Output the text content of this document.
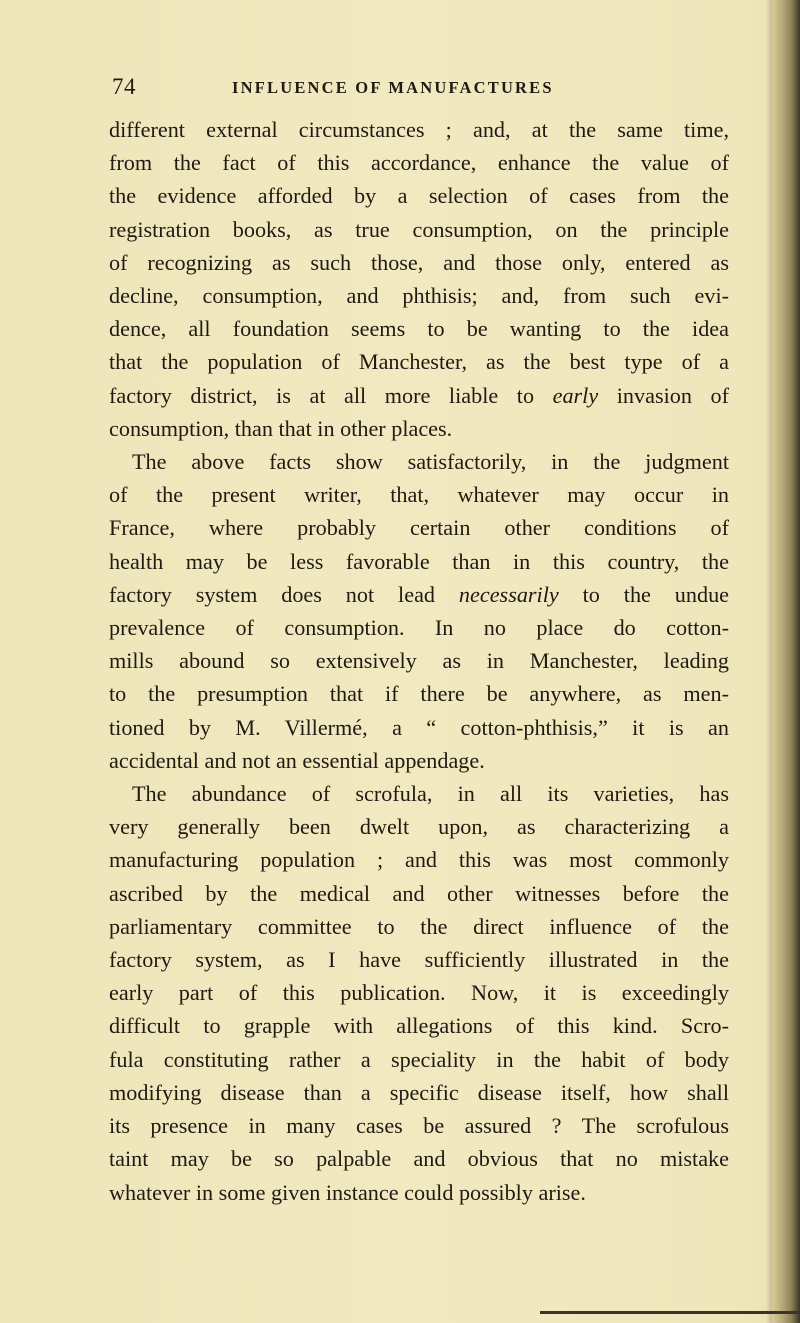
74	INFLUENCE OF MANUFACTURES
different external circumstances ; and, at the same time,
from the fact of this accordance, enhance the value of
the evidence afforded by a selection of cases from the
registration books, as true consumption, on the principle
of recognizing as such those, and those only, entered as
decline, consumption, and phthisis; and, from such evi-
dence, all foundation seems to be wanting to the idea
that the population of Manchester, as the best type of a
factory district, is at all more liable to early invasion of
consumption, than that in other places.
The above facts show satisfactorily, in the judgment
of the present writer, that, whatever may occur in
France, where probably certain other conditions of
health may be less favorable than in this country, the
factory system does not lead necessarily to the undue
prevalence of consumption. In no place do cotton-
mills abound so extensively as in Manchester, leading
to the presumption that if there be anywhere, as men-
tioned by M. Villermé, a “ cotton-phthisis,” it is an
accidental and not an essential appendage.
The abundance of scrofula, in all its varieties, has
very generally been dwelt upon, as characterizing a
manufacturing population ; and this was most commonly
ascribed by the medical and other witnesses before the
parliamentary committee to the direct influence of the
factory system, as I have sufficiently illustrated in the
early part of this publication. Now, it is exceedingly
difficult to grapple with allegations of this kind. Scro-
fula constituting rather a speciality in the habit of body
modifying disease than a specific disease itself, how shall
its presence in many cases be assured ? The scrofulous
taint may be so palpable and obvious that no mistake
whatever in some given instance could possibly arise.
